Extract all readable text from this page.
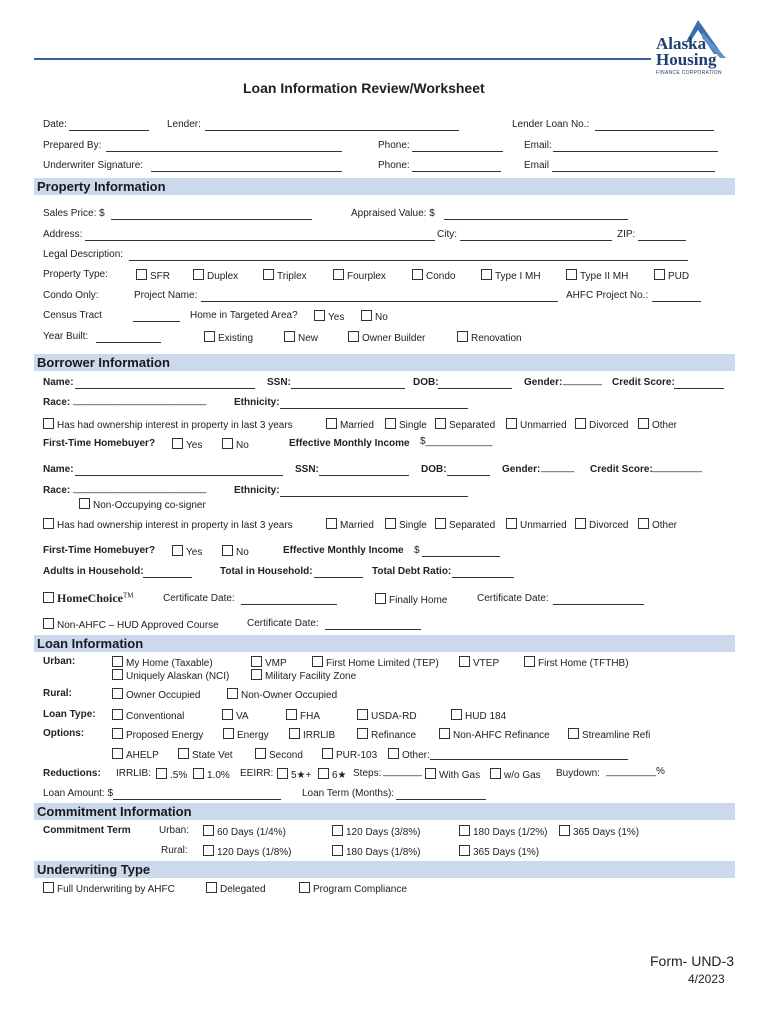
Alaska
Housing
FINANCE CORPORATION
Loan Information Review/Worksheet
Date:	Lender:	Lender Loan No.:
Prepared By:	Phone:	Email:
Underwriter Signature:	Phone:	Email
Property Information
Sales Price: $	Appraised Value: $
Address:	City:	ZIP:
Legal Description:
Property Type:	SFR	Duplex	Triplex	Fourplex	Condo	Type I MH	Type II MH	PUD
Condo Only:	Project Name:	AHFC Project No.:
Census Tract	Home in Targeted Area?	Yes	No
Year Built:	Existing	New	Owner Builder	Renovation
Borrower Information
Name:	SSN:	DOB:	Gender: _______ Credit Score:
Race: ________________________	Ethnicity:
Has had ownership interest in property in last 3 years	Married	Single	Separated	Unmarried	Divorced	Other
First-Time Homebuyer?	Yes	No	Effective Monthly Income $____________
Name:	SSN:	DOB:	Gender: ______ Credit Score: _________
Race: ________________________	Ethnicity:
Non-Occupying co-signer
Has had ownership interest in property in last 3 years	Married	Single	Separated	Unmarried	Divorced	Other
First-Time Homebuyer?	Yes	No	Effective Monthly Income $
Adults in Household:	Total in Household:	Total Debt Ratio:
HomeChoice™	Certificate Date:	Finally Home	Certificate Date:
Non-AHFC – HUD Approved Course	Certificate Date:
Loan Information
Urban:	My Home (Taxable)	VMP	First Home Limited (TEP)	VTEP	First Home (TFTHB)
Uniquely Alaskan (NCI)	Military Facility Zone
Rural:	Owner Occupied	Non-Owner Occupied
Loan Type:	Conventional	VA	FHA	USDA-RD	HUD 184
Options:	Proposed Energy	Energy	IRRLIB	Refinance	Non-AHFC Refinance	Streamline Refi
AHELP	State Vet	Second	PUR-103	Other:
Reductions: IRRLIB:	.5%	1.0% EEIRR:	5★+	6★ Steps: _______	With Gas	w/o Gas Buydown: _________%
Loan Amount: $	Loan Term (Months):
Commitment Information
Commitment Term	Urban:	60 Days (1/4%)	120 Days (3/8%)	180 Days (1/2%)	365 Days (1%)
Rural:	120 Days (1/8%)	180 Days (1/8%)	365 Days (1%)
Underwriting Type
Full Underwriting by AHFC	Delegated	Program Compliance
Form- UND-3
4/2023
